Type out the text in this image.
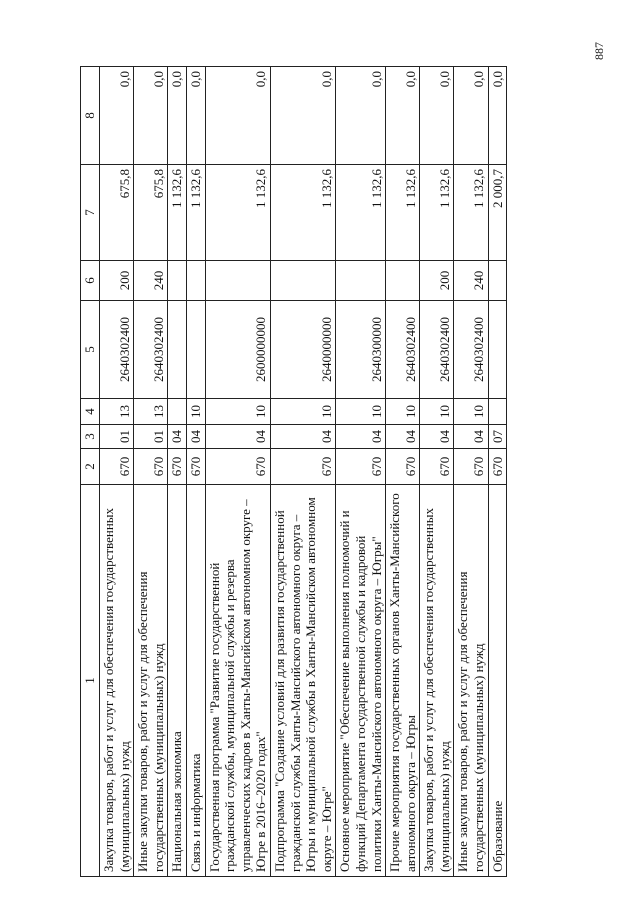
887
1	2	3	4	5	6	7	8
Закупка товаров, работ и услуг для обеспечения государственных (муниципальных) нужд	670	01	13	2640302400	200	675,8	0,0
Иные закупки товаров, работ и услуг для обеспечения государственных (муниципальных) нужд	670	01	13	2640302400	240	675,8	0,0
Национальная экономика	670	04				1 132,6	0,0
Связь и информатика	670	04	10			1 132,6	0,0
Государственная программа "Развитие государственной гражданской службы, муниципальной службы и резерва управленческих кадров в Ханты-Мансийском автономном округе – Югре в 2016–2020 годах"	670	04	10	2600000000		1 132,6	0,0
Подпрограмма "Создание условий для развития государственной гражданской службы Ханты-Мансийского автономного округа – Югры и муниципальной службы в Ханты-Мансийском автономном округе – Югре"	670	04	10	2640000000		1 132,6	0,0
Основное мероприятие "Обеспечение выполнения полномочий и функций Департамента государственной службы и кадровой политики Ханты-Мансийского автономного округа – Югры"	670	04	10	2640300000		1 132,6	0,0
Прочие мероприятия государственных органов Ханты-Мансийского автономного округа – Югры	670	04	10	2640302400		1 132,6	0,0
Закупка товаров, работ и услуг для обеспечения государственных (муниципальных) нужд	670	04	10	2640302400	200	1 132,6	0,0
Иные закупки товаров, работ и услуг для обеспечения государственных (муниципальных) нужд	670	04	10	2640302400	240	1 132,6	0,0
Образование	670	07				2 000,7	0,0
